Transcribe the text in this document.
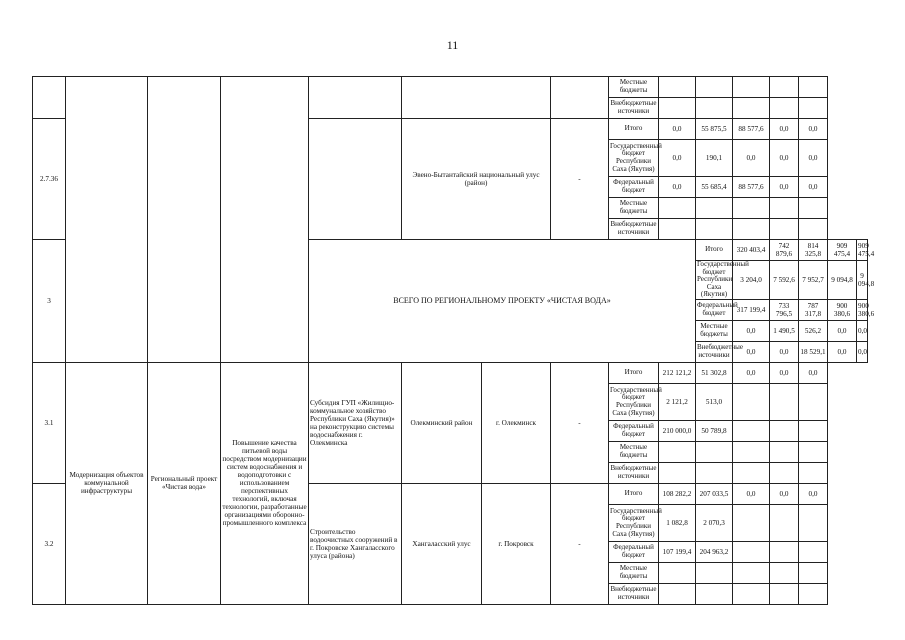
11
								Местные бюджеты							
								Внебюджетные источники							
2.7.36					Эвено-Бытантайский национальный улус (район)		-	Итого	0,0	55 875,5	88 577,6	0,0	0,0		
								Государственный бюджет Республики Саха (Якутия)	0,0	190,1	0,0	0,0	0,0		
								Федеральный бюджет	0,0	55 685,4	88 577,6	0,0	0,0		
								Местные бюджеты							
								Внебюджетные источники							
3				ВСЕГО ПО РЕГИОНАЛЬНОМУ ПРОЕКТУ «ЧИСТАЯ ВОДА»						Итого	320 403,4	742 879,6	814 325,8	909 475,4	909 475,4
										Государственный бюджет Республики Саха (Якутия)	3 204,0	7 592,6	7 952,7	9 094,8	9 094,8
										Федеральный бюджет	317 199,4	733 796,5	787 317,8	900 380,6	900 380,6
										Местные бюджеты	0,0	1 490,5	526,2	0,0	0,0
										Внебюджетные источники	0,0	0,0	18 529,1	0,0	0,0
3.1	Модернизация объектов коммунальной инфраструктуры	Региональный проект «Чистая вода»	Повышение качества питьевой воды посредством модернизации систем водоснабжения и водоподготовки с использованием перспективных технологий, включая технологии, разработанные организациями оборонно-промышленного комплекса	Субсидия ГУП «Жилищно-коммунальное хозяйство Республики Саха (Якутия)» на реконструкцию системы водоснабжения г. Олекминска	Олекминский район	г. Олекминск	-	Итого	212 121,2	51 302,8	0,0	0,0	0,0		
								Государственный бюджет Республики Саха (Якутия)	2 121,2	513,0					
								Федеральный бюджет	210 000,0	50 789,8					
								Местные бюджеты							
								Внебюджетные источники							
3.2				Строительство водоочистных сооружений в г. Покровске Хангаласского улуса (района)	Хангаласский улус	г. Покровск	-	Итого	108 282,2	207 033,5	0,0	0,0	0,0		
								Государственный бюджет Республики Саха (Якутия)	1 082,8	2 070,3					
								Федеральный бюджет	107 199,4	204 963,2					
								Местные бюджеты							
								Внебюджетные источники							
